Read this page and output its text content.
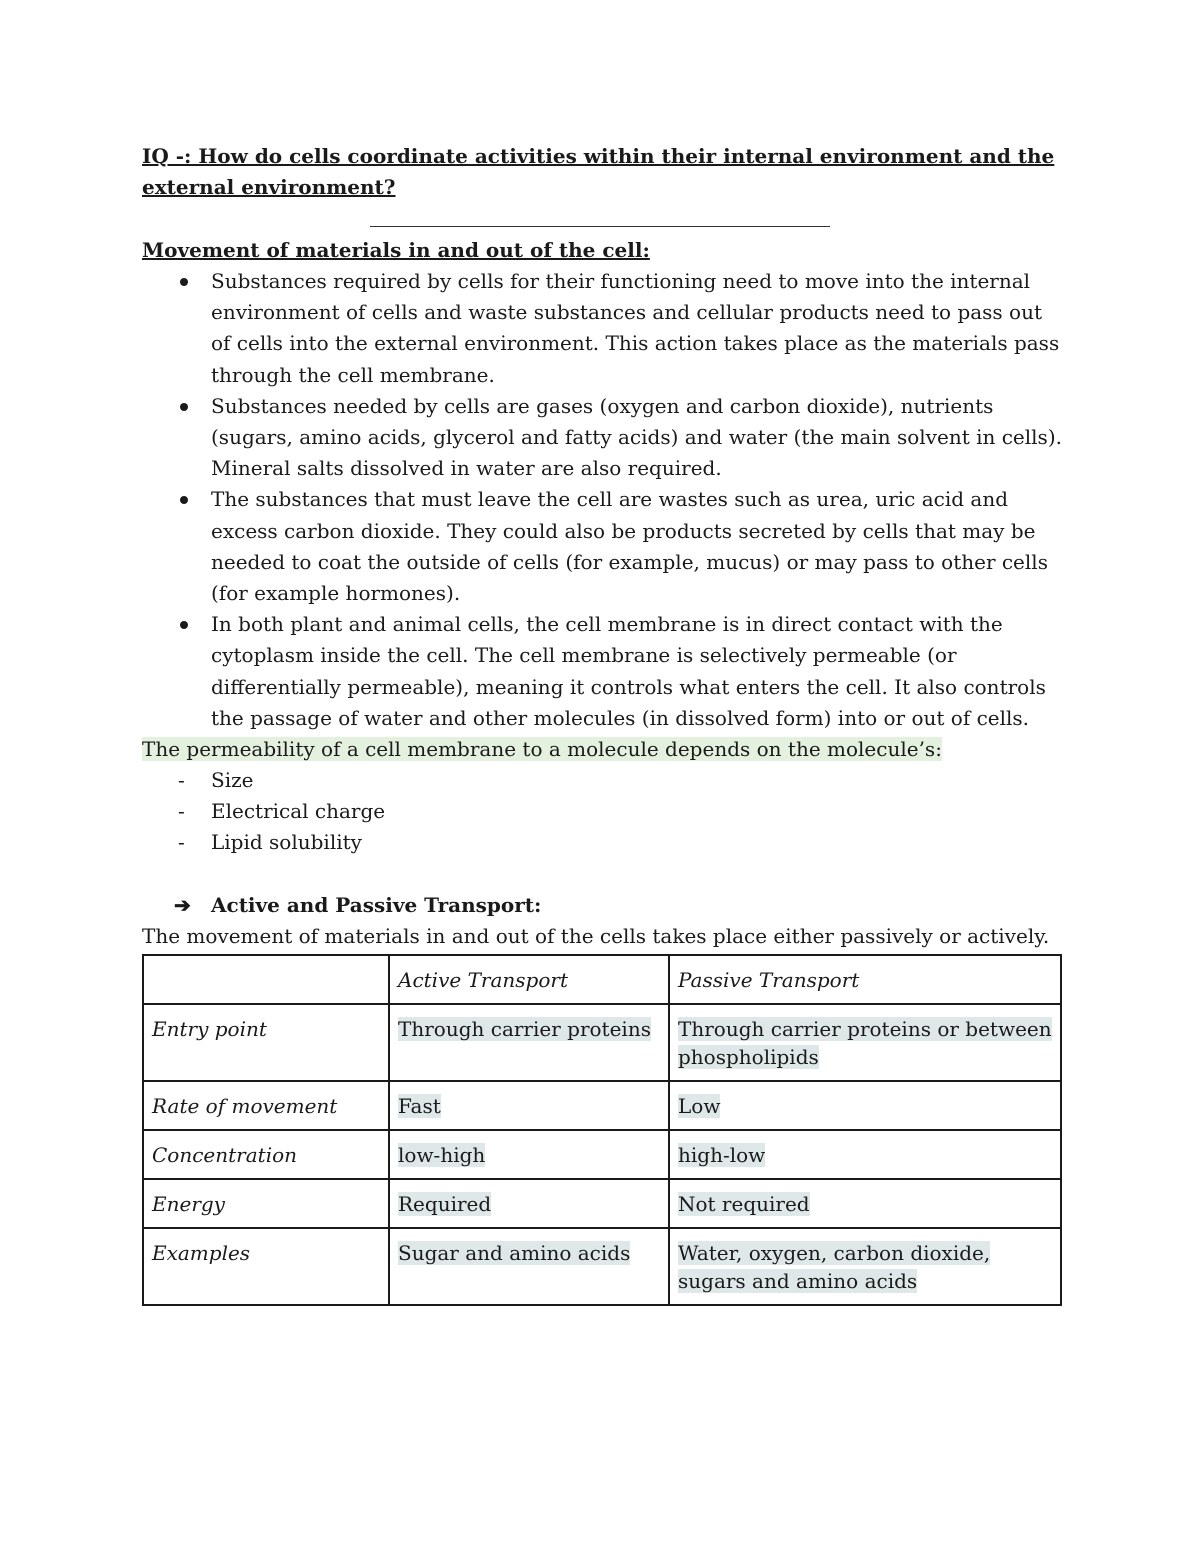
IQ -: How do cells coordinate activities within their internal environment and the external environment?

Movement of materials in and out of the cell:

Substances required by cells for their functioning need to move into the internal environment of cells and waste substances and cellular products need to pass out of cells into the external environment. This action takes place as the materials pass through the cell membrane.
Substances needed by cells are gases (oxygen and carbon dioxide), nutrients (sugars, amino acids, glycerol and fatty acids) and water (the main solvent in cells). Mineral salts dissolved in water are also required.
The substances that must leave the cell are wastes such as urea, uric acid and excess carbon dioxide. They could also be products secreted by cells that may be needed to coat the outside of cells (for example, mucus) or may pass to other cells (for example hormones).
In both plant and animal cells, the cell membrane is in direct contact with the cytoplasm inside the cell. The cell membrane is selectively permeable (or differentially permeable), meaning it controls what enters the cell. It also controls the passage of water and other molecules (in dissolved form) into or out of cells.

The permeability of a cell membrane to a molecule depends on the molecule’s:

- Size
- Electrical charge
- Lipid solubility
➔ Active and Passive Transport:

The movement of materials in and out of the cells takes place either passively or actively.

	Active Transport	Passive Transport
Entry point	Through carrier proteins	Through carrier proteins or between phospholipids
Rate of movement	Fast	Low
Concentration	low-high	high-low
Energy	Required	Not required
Examples	Sugar and amino acids	Water, oxygen, carbon dioxide, sugars and amino acids
